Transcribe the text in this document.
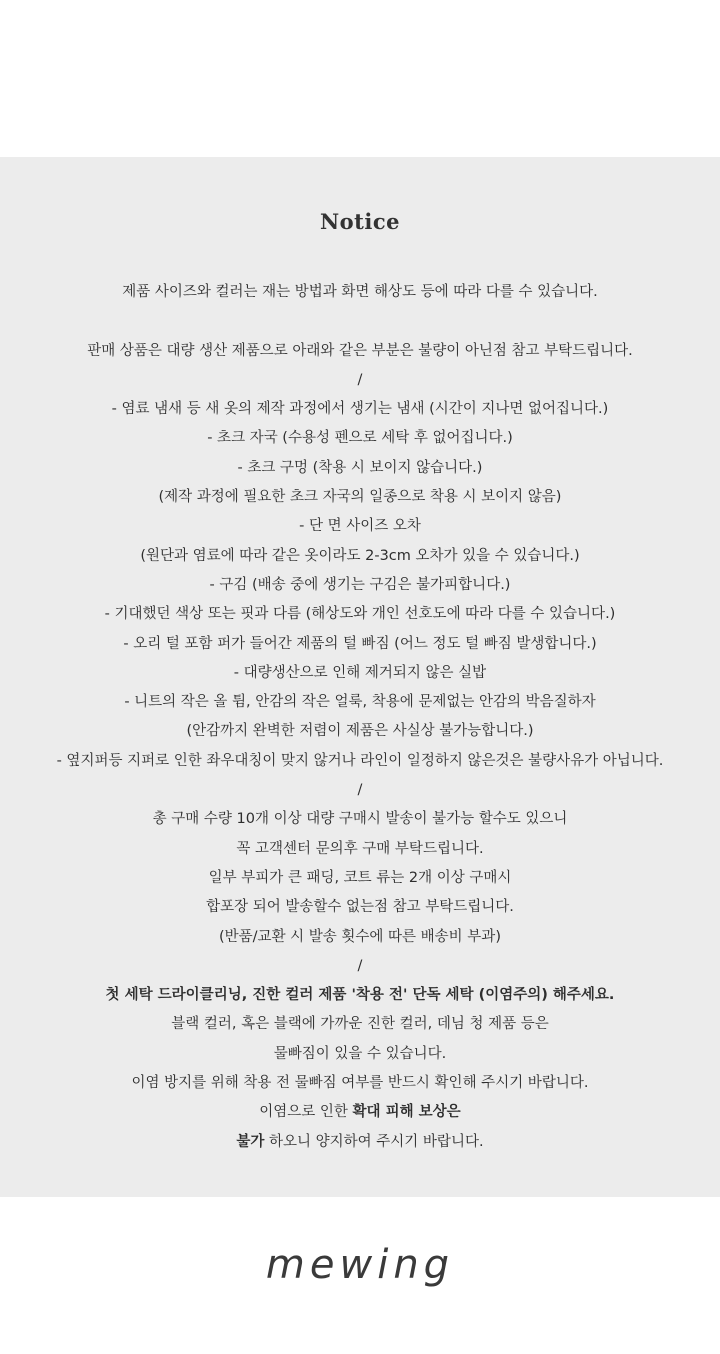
Notice
제품 사이즈와 컬러는 재는 방법과 화면 해상도 등에 따라 다를 수 있습니다.
판매 상품은 대량 생산 제품으로 아래와 같은 부분은 불량이 아닌점 참고 부탁드립니다.
/
- 염료 냄새 등 새 옷의 제작 과정에서 생기는 냄새 (시간이 지나면 없어집니다.)
- 초크 자국 (수용성 펜으로 세탁 후 없어집니다.)
- 초크 구멍 (착용 시 보이지 않습니다.)
(제작 과정에 필요한 초크 자국의 일종으로 착용 시 보이지 않음)
- 단 면 사이즈 오차
(원단과 염료에 따라 같은 옷이라도 2-3cm 오차가 있을 수 있습니다.)
- 구김 (배송 중에 생기는 구김은 불가피합니다.)
- 기대했던 색상 또는 핏과 다름 (해상도와 개인 선호도에 따라 다를 수 있습니다.)
- 오리 털 포함 퍼가 들어간 제품의 털 빠짐 (어느 정도 털 빠짐 발생합니다.)
- 대량생산으로 인해 제거되지 않은 실밥
- 니트의 작은 올 튐, 안감의 작은 얼룩, 착용에 문제없는 안감의 박음질하자
(안감까지 완벽한 저렴이 제품은 사실상 불가능합니다.)
- 옆지퍼등 지퍼로 인한 좌우대칭이 맞지 않거나 라인이 일정하지 않은것은 불량사유가 아닙니다.
/
총 구매 수량 10개 이상 대량 구매시 발송이 불가능 할수도 있으니
꼭 고객센터 문의후 구매 부탁드립니다.
일부 부피가 큰 패딩, 코트 류는 2개 이상 구매시
합포장 되어 발송할수 없는점 참고 부탁드립니다.
(반품/교환 시 발송 횟수에 따른 배송비 부과)
/
첫 세탁 드라이클리닝, 진한 컬러 제품 '착용 전' 단독 세탁 (이염주의) 해주세요.
블랙 컬러, 혹은 블랙에 가까운 진한 컬러, 데님 청 제품 등은
물빠짐이 있을 수 있습니다.
이염 방지를 위해 착용 전 물빠짐 여부를 반드시 확인해 주시기 바랍니다.
이염으로 인한 확대 피해 보상은
불가 하오니 양지하여 주시기 바랍니다.
mewing
